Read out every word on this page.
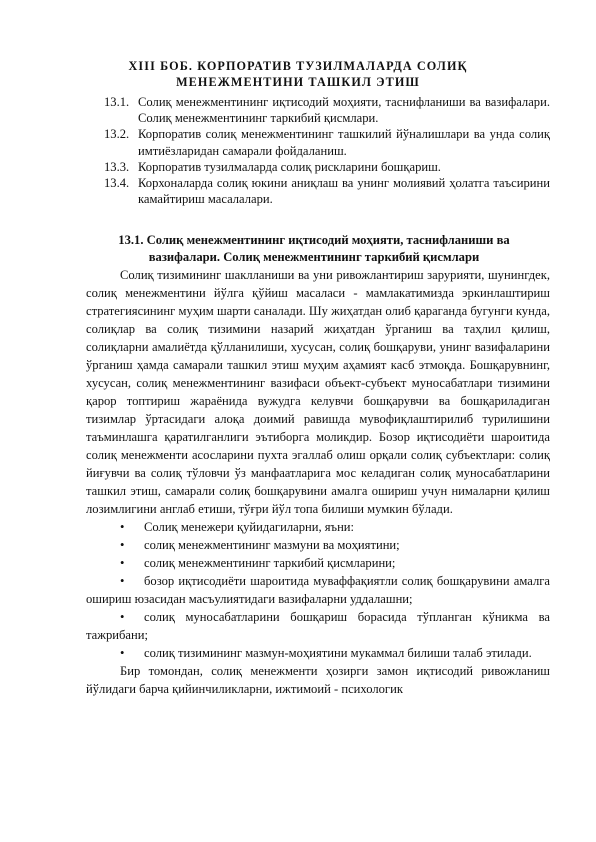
XIII БОБ. КОРПОРАТИВ ТУЗИЛМАЛАРДА СОЛИҚ
МЕНЕЖМЕНТИНИ ТАШКИЛ ЭТИШ
13.1. Солиқ менежментининг иқтисодий моҳияти, таснифланиши ва вазифалари. Солиқ менежментининг таркибий қисмлари.
13.2. Корпоратив солиқ менежментининг ташкилий йўналишлари ва унда солиқ имтиёзларидан самарали фойдаланиш.
13.3. Корпоратив тузилмаларда солиқ рискларини бошқариш.
13.4. Корхоналарда солиқ юкини аниқлаш ва унинг молиявий ҳолатга таъсирини камайтириш масалалари.
13.1. Солиқ менежментининг иқтисодий моҳияти, таснифланиши ва
вазифалари. Солиқ менежментининг таркибий қисмлари

Солиқ тизимининг шаклланиши ва уни ривожлантириш зарурияти, шунингдек, солиқ менежментини йўлга қўйиш масаласи - мамлакатимизда эркинлаштириш стратегиясининг муҳим шарти саналади. Шу жиҳатдан олиб қараганда бугунги кунда, солиқлар ва солиқ тизимини назарий жиҳатдан ўрганиш ва таҳлил қилиш, солиқларни амалиётда қўлланилиши, хусусан, солиқ бошқаруви, унинг вазифаларини ўрганиш ҳамда самарали ташкил этиш муҳим аҳамият касб этмоқда. Бошқарувнинг, хусусан, солиқ менежментининг вазифаси объект-субъект муносабатлари тизимини қарор топтириш жараёнида вужудга келувчи бошқарувчи ва бошқариладиган тизимлар ўртасидаги алоқа доимий равишда мувофиқлаштирилиб турилишини таъминлашга қаратилганлиги эътиборга моликдир. Бозор иқтисодиёти шароитида солиқ менежменти асосларини пухта эгаллаб олиш орқали солиқ субъектлари: солиқ йиғувчи ва солиқ тўловчи ўз манфаатларига мос келадиган солиқ муносабатларини ташкил этиш, самарали солиқ бошқарувини амалга ошириш учун нималарни қилиш лозимлигини англаб етиши, тўғри йўл топа билиши мумкин бўлади.

• Солиқ менежери қуйидагиларни, яъни:

• солиқ менежментининг мазмуни ва моҳиятини;

• солиқ менежментининг таркибий қисмларини;

• бозор иқтисодиёти шароитида муваффақиятли солиқ бошқарувини амалга ошириш юзасидан масъулиятидаги вазифаларни уддалашни;

• солиқ муносабатларини бошқариш борасида тўпланган кўникма ва тажрибани;

• солиқ тизимининг мазмун-моҳиятини мукаммал билиши талаб этилади.

Бир томондан, солиқ менежменти ҳозирги замон иқтисодий ривожланиш йўлидаги барча қийинчиликларни, ижтимоий - психологик
